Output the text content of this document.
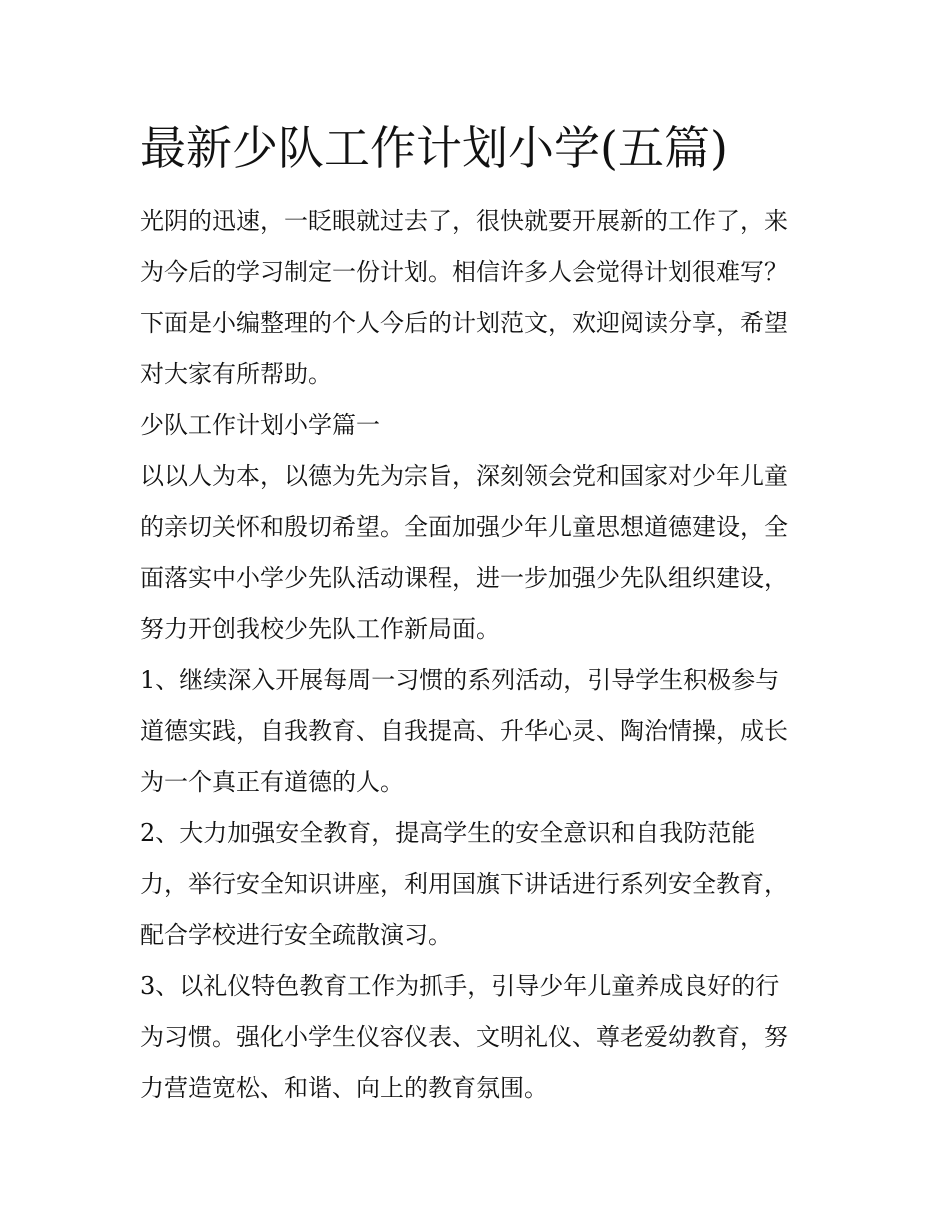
最新少队工作计划小学(五篇)
光阴的迅速，一眨眼就过去了，很快就要开展新的工作了，来
为今后的学习制定一份计划。相信许多人会觉得计划很难写？
下面是小编整理的个人今后的计划范文，欢迎阅读分享，希望
对大家有所帮助。
少队工作计划小学篇一
以以人为本，以德为先为宗旨，深刻领会党和国家对少年儿童
的亲切关怀和殷切希望。全面加强少年儿童思想道德建设，全
面落实中小学少先队活动课程，进一步加强少先队组织建设，
努力开创我校少先队工作新局面。
1、继续深入开展每周一习惯的系列活动，引导学生积极参与
道德实践，自我教育、自我提高、升华心灵、陶治情操，成长
为一个真正有道德的人。
2、大力加强安全教育，提高学生的安全意识和自我防范能
力，举行安全知识讲座，利用国旗下讲话进行系列安全教育，
配合学校进行安全疏散演习。
3、以礼仪特色教育工作为抓手，引导少年儿童养成良好的行
为习惯。强化小学生仪容仪表、文明礼仪、尊老爱幼教育，努
力营造宽松、和谐、向上的教育氛围。
